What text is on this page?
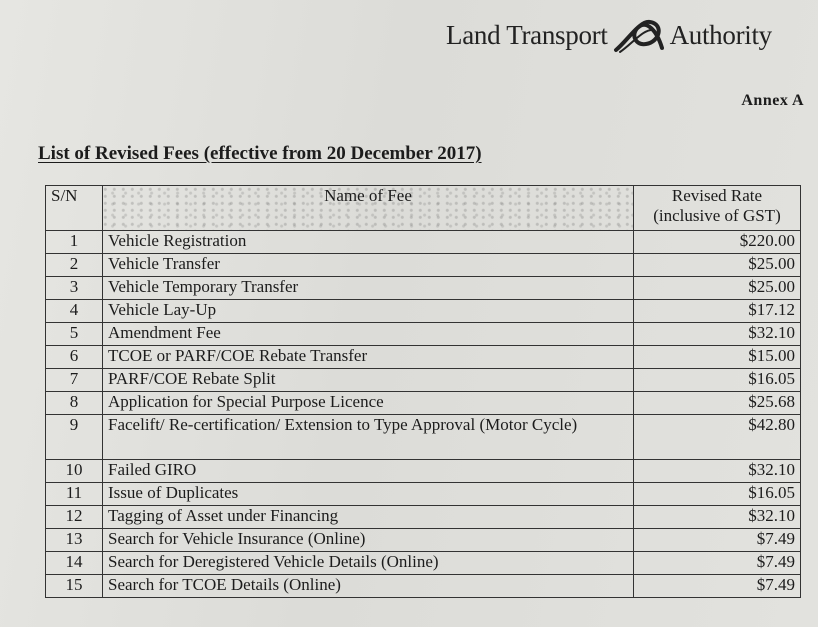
Land Transport Authority
Annex A
List of Revised Fees (effective from 20 December 2017)
S/N	Name of Fee	Revised Rate
(inclusive of GST)

1	Vehicle Registration	$220.00
2	Vehicle Transfer	$25.00
3	Vehicle Temporary Transfer	$25.00
4	Vehicle Lay-Up	$17.12
5	Amendment Fee	$32.10
6	TCOE or PARF/COE Rebate Transfer	$15.00
7	PARF/COE Rebate Split	$16.05
8	Application for Special Purpose Licence	$25.68
9	Facelift/ Re-certification/ Extension to Type Approval (Motor Cycle)	$42.80
10	Failed GIRO	$32.10
11	Issue of Duplicates	$16.05
12	Tagging of Asset under Financing	$32.10
13	Search for Vehicle Insurance (Online)	$7.49
14	Search for Deregistered Vehicle Details (Online)	$7.49
15	Search for TCOE Details (Online)	$7.49
